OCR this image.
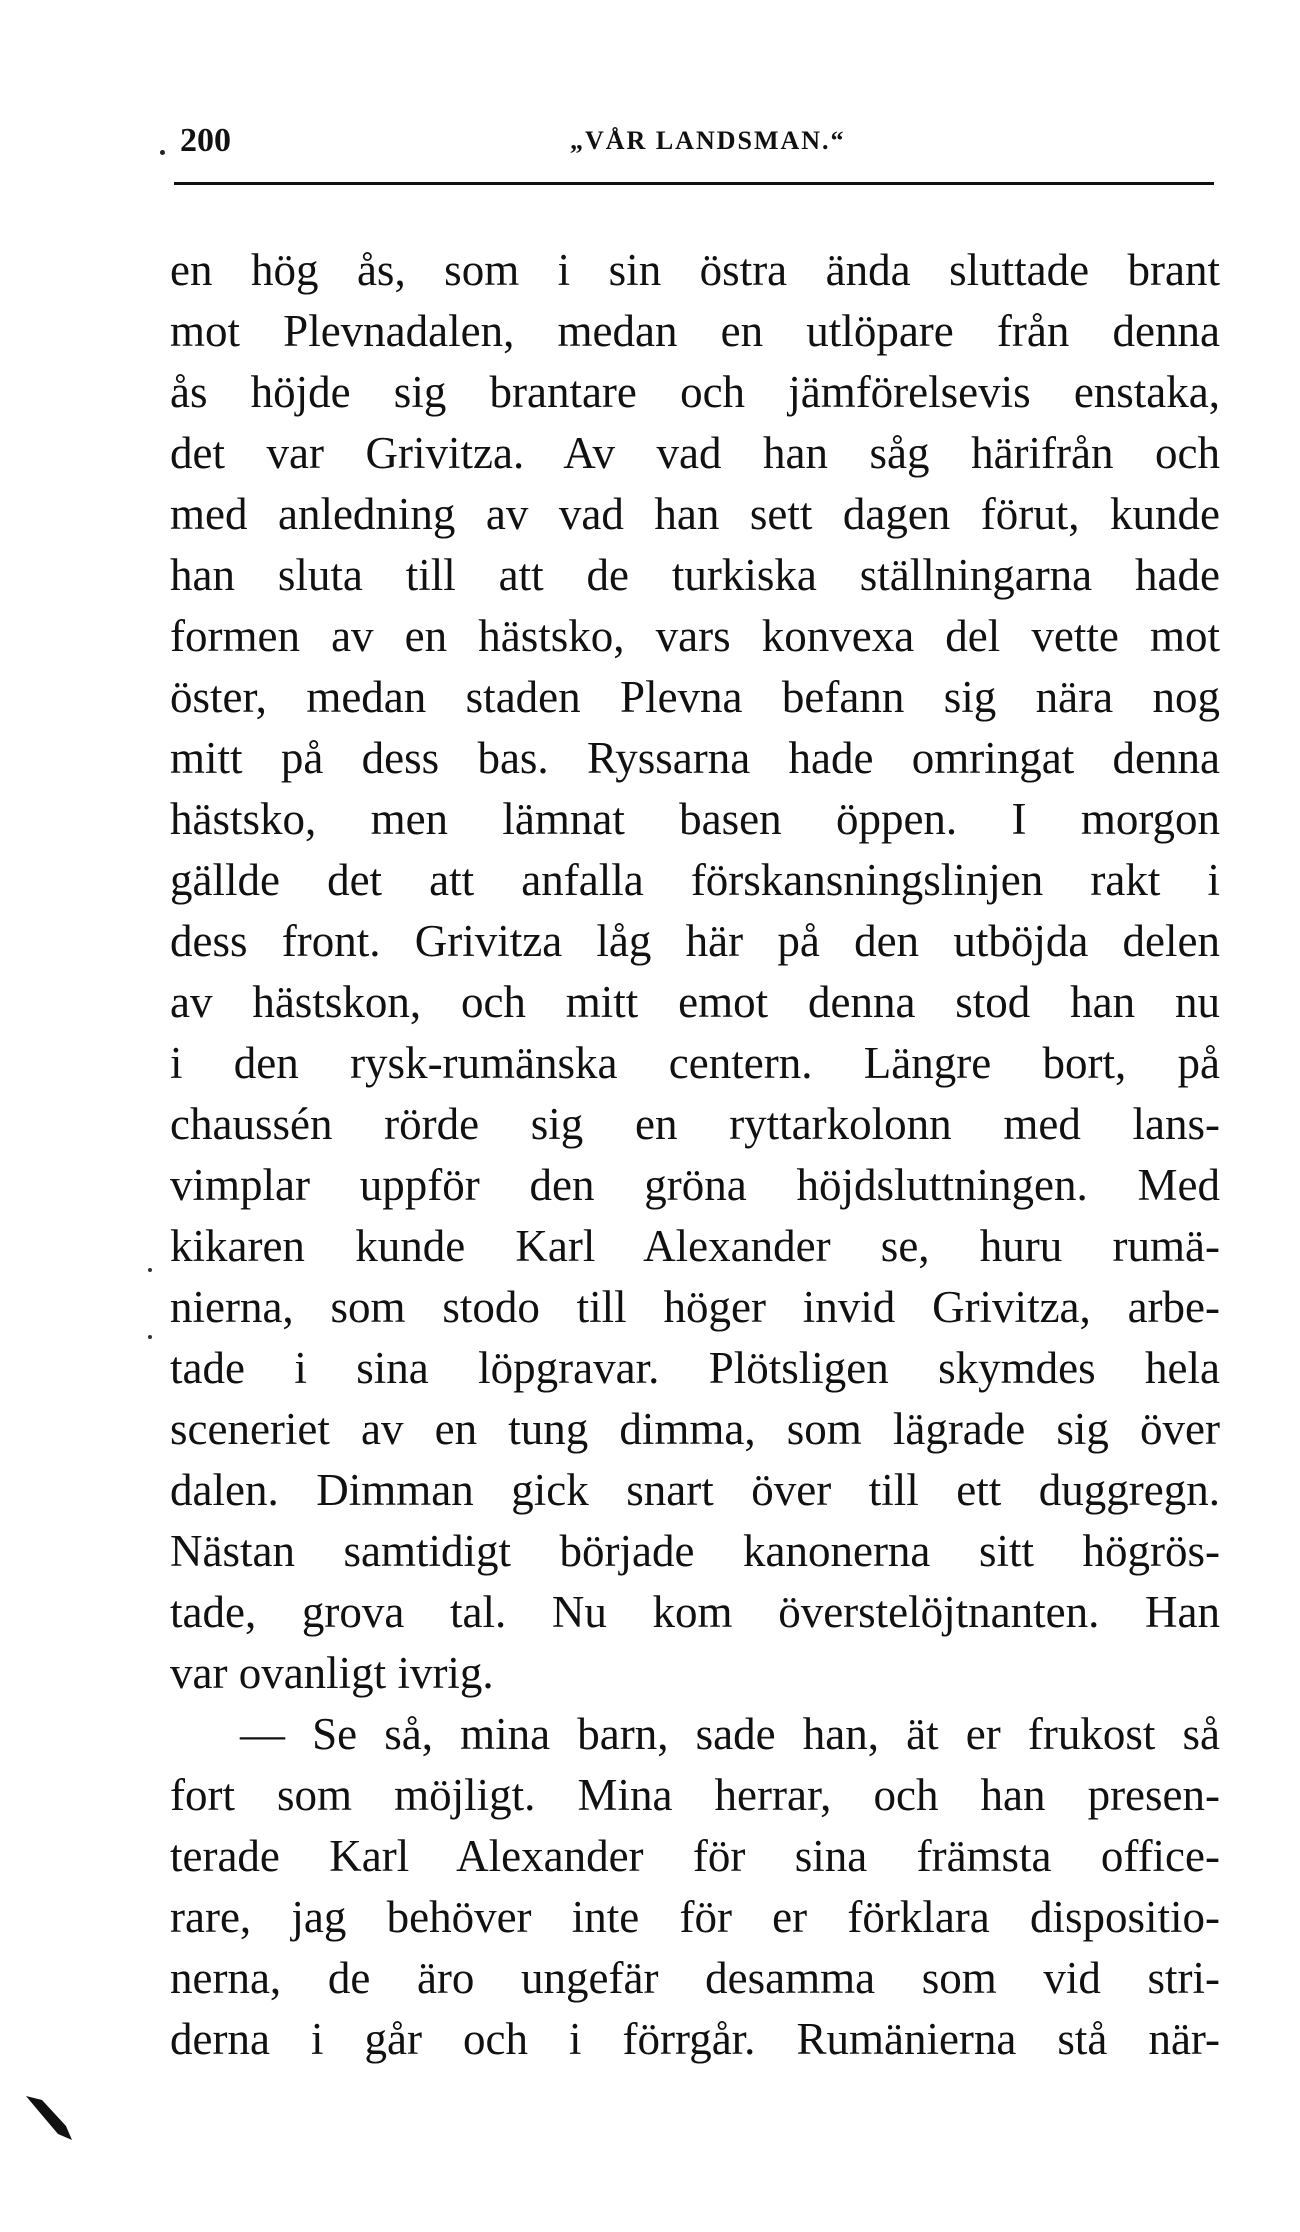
200	„VÅR LANDSMAN.“
en hög ås, som i sin östra ända sluttade brant
mot Plevnadalen, medan en utlöpare från denna
ås höjde sig brantare och jämförelsevis enstaka,
det var Grivitza. Av vad han såg härifrån och
med anledning av vad han sett dagen förut, kunde
han sluta till att de turkiska ställningarna hade
formen av en hästsko, vars konvexa del vette mot
öster, medan staden Plevna befann sig nära nog
mitt på dess bas. Ryssarna hade omringat denna
hästsko, men lämnat basen öppen. I morgon
gällde det att anfalla förskansningslinjen rakt i
dess front. Grivitza låg här på den utböjda delen
av hästskon, och mitt emot denna stod han nu
i den rysk-rumänska centern. Längre bort, på
chaussén rörde sig en ryttarkolonn med lans-
vimplar uppför den gröna höjdsluttningen. Med
kikaren kunde Karl Alexander se, huru rumä-
nierna, som stodo till höger invid Grivitza, arbe-
tade i sina löpgravar. Plötsligen skymdes hela
sceneriet av en tung dimma, som lägrade sig över
dalen. Dimman gick snart över till ett duggregn.
Nästan samtidigt började kanonerna sitt högrös-
tade, grova tal. Nu kom överstelöjtnanten. Han
var ovanligt ivrig.
— Se så, mina barn, sade han, ät er frukost så
fort som möjligt. Mina herrar, och han presen-
terade Karl Alexander för sina främsta officе-
rare, jag behöver inte för er förklara dispositio-
nerna, de äro ungefär desamma som vid stri-
derna i går och i förrgår. Rumänierna stå när-
